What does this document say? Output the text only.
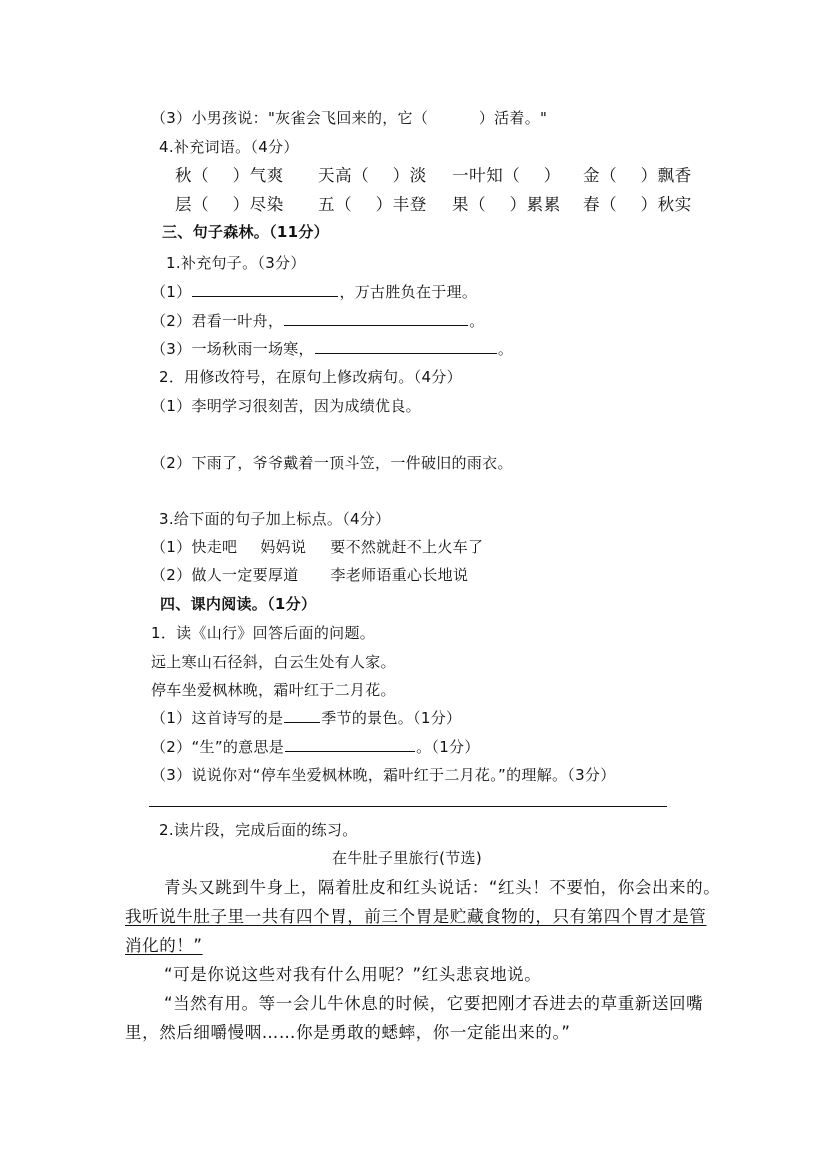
（3）小男孩说："灰雀会飞回来的，它（          ）活着。"
4.补充词语。（4分）
秋（    ）气爽 天高（    ）淡 一叶知（    ） 金（    ）飘香
层（    ）尽染 五（    ）丰登 果（    ）累累 春（    ）秋实
三、句子森林。（11分）
1.补充句子。（3分）
（1）	，万古胜负在于理。
（2）君看一叶舟，	。
（3）一场秋雨一场寒，	。
2．用修改符号，在原句上修改病句。（4分）
（1）李明学习很刻苦，因为成绩优良。
（2）下雨了，爷爷戴着一顶斗笠，一件破旧的雨衣。
3.给下面的句子加上标点。（4分）
（1）快走吧 妈妈说 要不然就赶不上火车了
（2）做人一定要厚道 李老师语重心长地说
四、课内阅读。（1分）
1．读《山行》回答后面的问题。
远上寒山石径斜，白云生处有人家。
停车坐爱枫林晚，霜叶红于二月花。
（1）这首诗写的是	季节的景色。（1分）
（2）“生”的意思是	。（1分）
（3）说说你对“停车坐爱枫林晚，霜叶红于二月花。”的理解。（3分）
2.读片段，完成后面的练习。
在牛肚子里旅行(节选)
青头又跳到牛身上，隔着肚皮和红头说话：“红头！不要怕，你会出来的。
我听说牛肚子里一共有四个胃，前三个胃是贮藏食物的，只有第四个胃才是管
消化的！”
“可是你说这些对我有什么用呢？”红头悲哀地说。
“当然有用。等一会儿牛休息的时候，它要把刚才吞进去的草重新送回嘴
里，然后细嚼慢咽……你是勇敢的蟋蟀，你一定能出来的。”
